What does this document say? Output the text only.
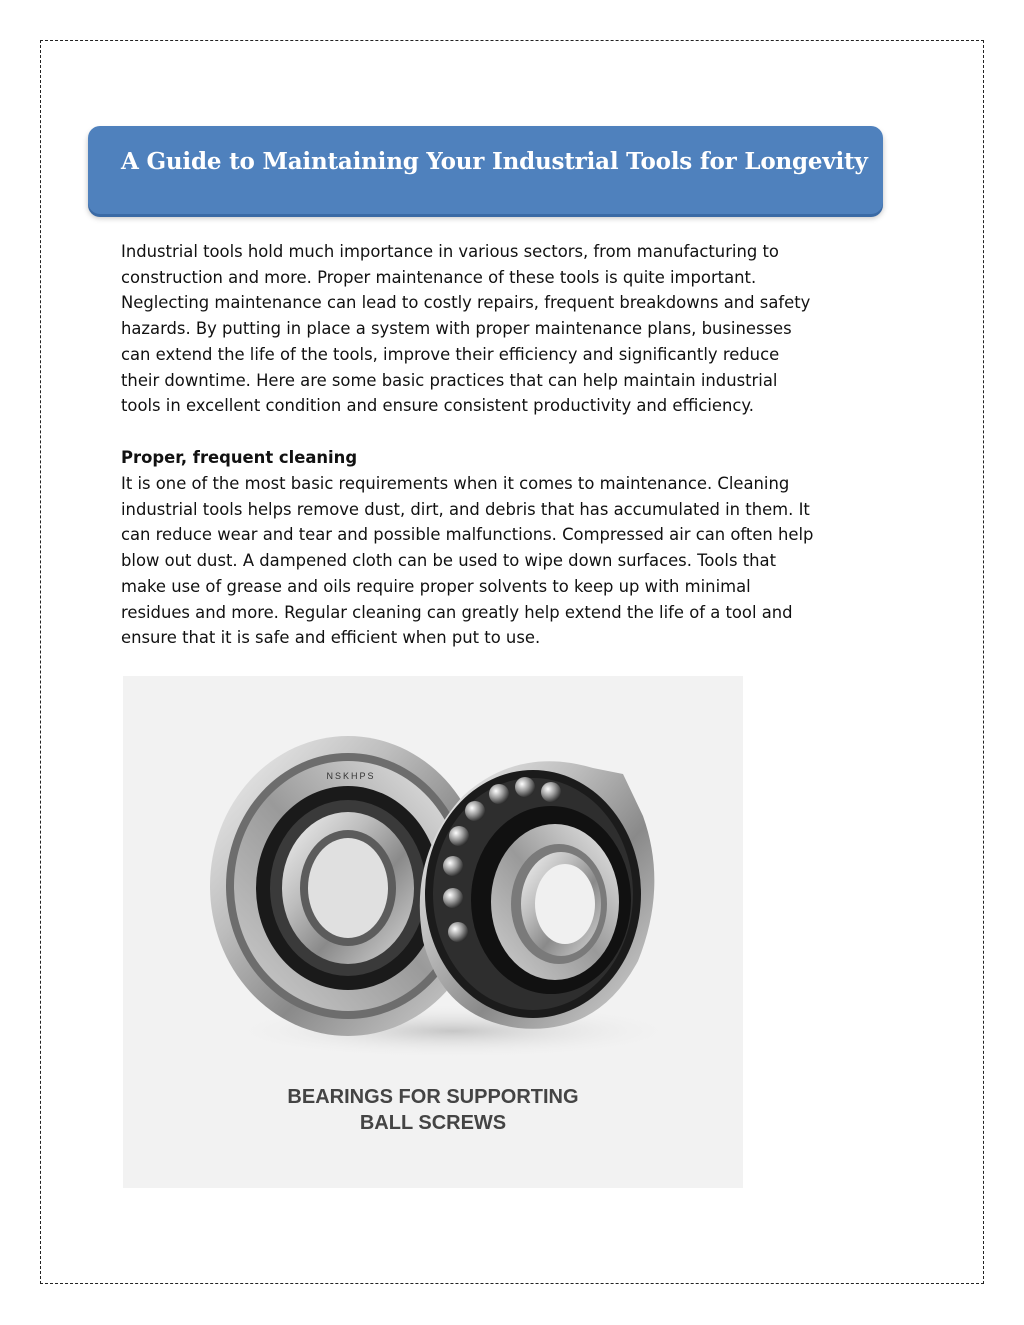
A Guide to Maintaining Your Industrial Tools for Longevity

Industrial tools hold much importance in various sectors, from manufacturing to
construction and more. Proper maintenance of these tools is quite important.
Neglecting maintenance can lead to costly repairs, frequent breakdowns and safety
hazards. By putting in place a system with proper maintenance plans, businesses
can extend the life of the tools, improve their efficiency and significantly reduce
their downtime. Here are some basic practices that can help maintain industrial
tools in excellent condition and ensure consistent productivity and efficiency.

Proper, frequent cleaning

It is one of the most basic requirements when it comes to maintenance. Cleaning
industrial tools helps remove dust, dirt, and debris that has accumulated in them. It
can reduce wear and tear and possible malfunctions. Compressed air can often help
blow out dust. A dampened cloth can be used to wipe down surfaces. Tools that
make use of grease and oils require proper solvents to keep up with minimal
residues and more. Regular cleaning can greatly help extend the life of a tool and
ensure that it is safe and efficient when put to use.

NSKHPS
BEARINGS FOR SUPPORTING
BALL SCREWS
